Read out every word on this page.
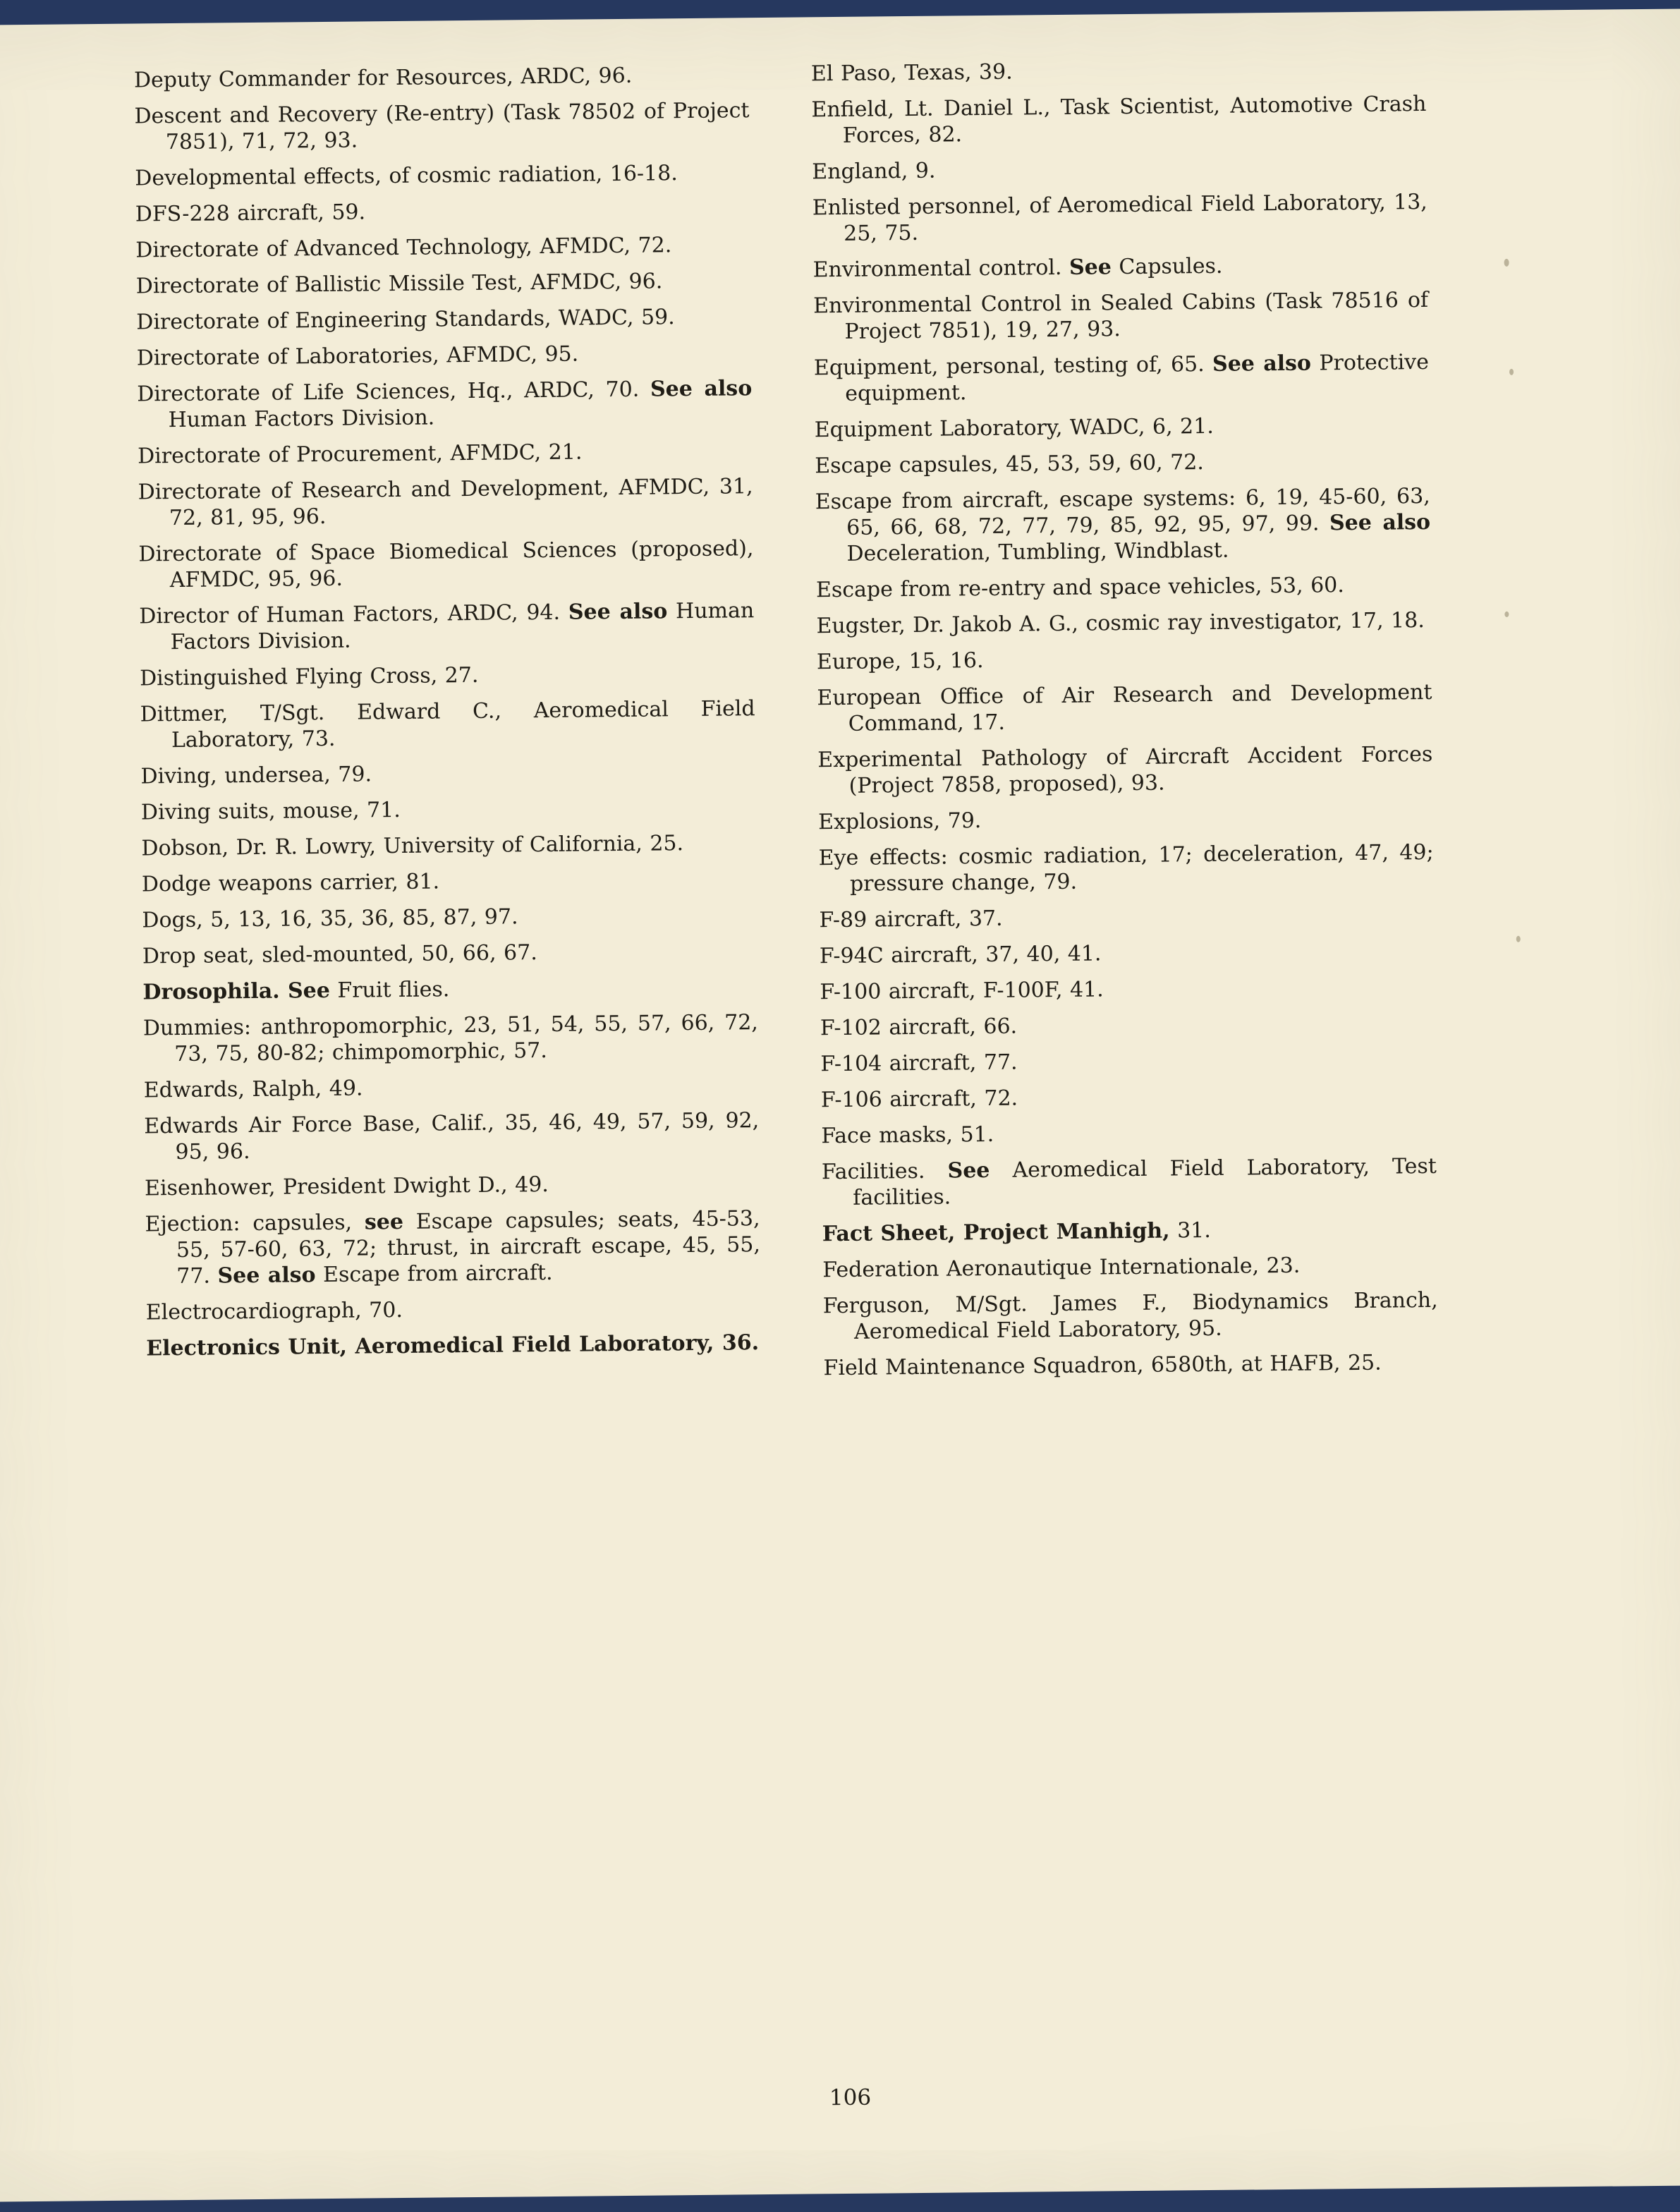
Deputy Commander for Resources, ARDC, 96.

Descent and Recovery (Re-entry) (Task 78502 of Project 7851), 71, 72, 93.

Developmental effects, of cosmic radiation, 16-18.

DFS-228 aircraft, 59.

Directorate of Advanced Technology, AFMDC, 72.

Directorate of Ballistic Missile Test, AFMDC, 96.

Directorate of Engineering Standards, WADC, 59.

Directorate of Laboratories, AFMDC, 95.

Directorate of Life Sciences, Hq., ARDC, 70. See also Human Factors Division.

Directorate of Procurement, AFMDC, 21.

Directorate of Research and Development, AFMDC, 31, 72, 81, 95, 96.

Directorate of Space Biomedical Sciences (proposed), AFMDC, 95, 96.

Director of Human Factors, ARDC, 94. See also Human Factors Division.

Distinguished Flying Cross, 27.

Dittmer, T/Sgt. Edward C., Aeromedical Field Laboratory, 73.

Diving, undersea, 79.

Diving suits, mouse, 71.

Dobson, Dr. R. Lowry, University of California, 25.

Dodge weapons carrier, 81.

Dogs, 5, 13, 16, 35, 36, 85, 87, 97.

Drop seat, sled-mounted, 50, 66, 67.

Drosophila. See Fruit flies.

Dummies: anthropomorphic, 23, 51, 54, 55, 57, 66, 72, 73, 75, 80-82; chimpomorphic, 57.

Edwards, Ralph, 49.

Edwards Air Force Base, Calif., 35, 46, 49, 57, 59, 92, 95, 96.

Eisenhower, President Dwight D., 49.

Ejection: capsules, see Escape capsules; seats, 45-53, 55, 57-60, 63, 72; thrust, in aircraft escape, 45, 55, 77. See also Escape from aircraft.

Electrocardiograph, 70.

Electronics Unit, Aeromedical Field Laboratory, 36.

El Paso, Texas, 39.

Enfield, Lt. Daniel L., Task Scientist, Automotive Crash Forces, 82.

England, 9.

Enlisted personnel, of Aeromedical Field Laboratory, 13, 25, 75.

Environmental control. See Capsules.

Environmental Control in Sealed Cabins (Task 78516 of Project 7851), 19, 27, 93.

Equipment, personal, testing of, 65. See also Protective equipment.

Equipment Laboratory, WADC, 6, 21.

Escape capsules, 45, 53, 59, 60, 72.

Escape from aircraft, escape systems: 6, 19, 45-60, 63, 65, 66, 68, 72, 77, 79, 85, 92, 95, 97, 99. See also Deceleration, Tumbling, Windblast.

Escape from re-entry and space vehicles, 53, 60.

Eugster, Dr. Jakob A. G., cosmic ray investigator, 17, 18.

Europe, 15, 16.

European Office of Air Research and Development Command, 17.

Experimental Pathology of Aircraft Accident Forces (Project 7858, proposed), 93.

Explosions, 79.

Eye effects: cosmic radiation, 17; deceleration, 47, 49; pressure change, 79.

F-89 aircraft, 37.

F-94C aircraft, 37, 40, 41.

F-100 aircraft, F-100F, 41.

F-102 aircraft, 66.

F-104 aircraft, 77.

F-106 aircraft, 72.

Face masks, 51.

Facilities. See Aeromedical Field Laboratory, Test facilities.

Fact Sheet, Project Manhigh, 31.

Federation Aeronautique Internationale, 23.

Ferguson, M/Sgt. James F., Biodynamics Branch, Aeromedical Field Laboratory, 95.

Field Maintenance Squadron, 6580th, at HAFB, 25.

106
